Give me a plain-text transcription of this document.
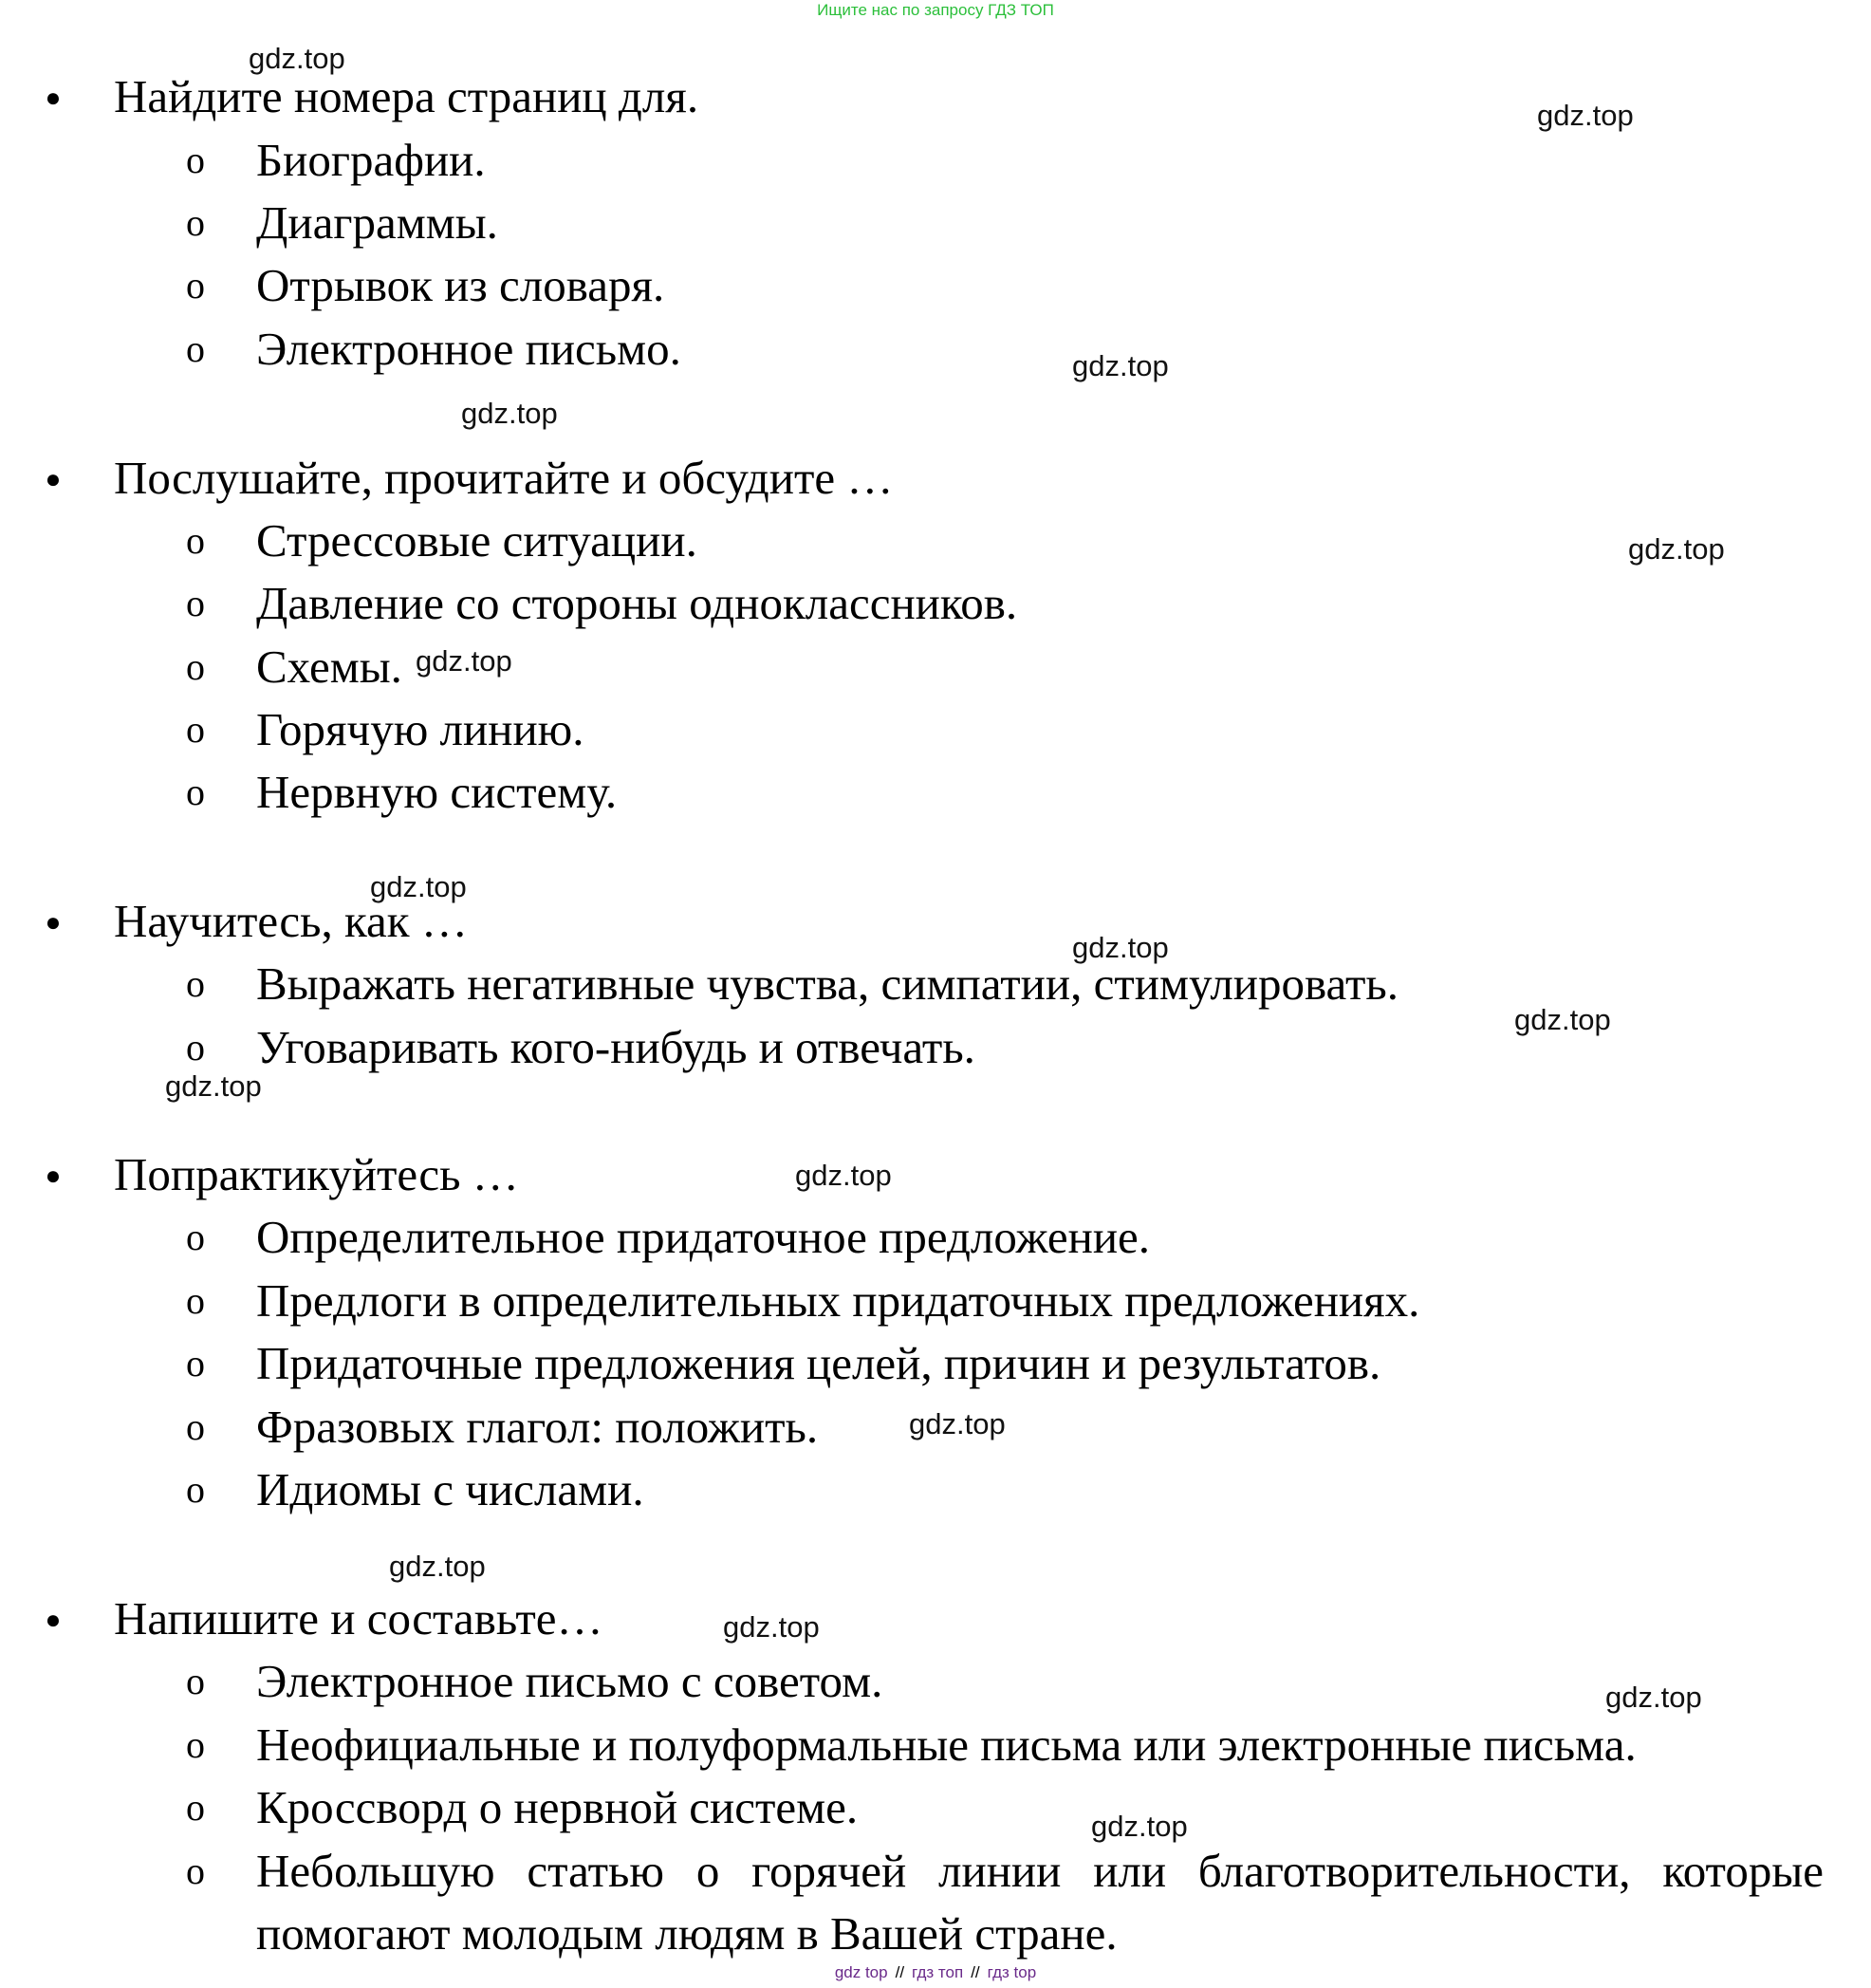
Ищите нас по запросу ГДЗ ТОП
● Найдите номера страниц для.
o Биографии.
o Диаграммы.
o Отрывок из словаря.
o Электронное письмо.
● Послушайте, прочитайте и обсудите …
o Стрессовые ситуации.
o Давление со стороны одноклассников.
o Схемы.
o Горячую линию.
o Нервную систему.
● Научитесь, как …
o Выражать негативные чувства, симпатии, стимулировать.
o Уговаривать кого-нибудь и отвечать.
● Попрактикуйтесь …
o Определительное придаточное предложение.
o Предлоги в определительных придаточных предложениях.
o Придаточные предложения целей, причин и результатов.
o Фразовых глагол: положить.
o Идиомы с числами.
● Напишите и составьте…
o Электронное письмо с советом.
o Неофициальные и полуформальные письма или электронные письма.
o Кроссворд о нервной системе.
o Небольшую статью о горячей линии или благотворительности, которые помогают молодым людям в Вашей стране.
gdz.top
gdz.top
gdz.top
gdz.top
gdz.top
gdz.top
gdz.top
gdz.top
gdz.top
gdz.top
gdz.top
gdz.top
gdz.top
gdz.top
gdz.top
gdz.top
gdz top // гдз топ // гдз top
